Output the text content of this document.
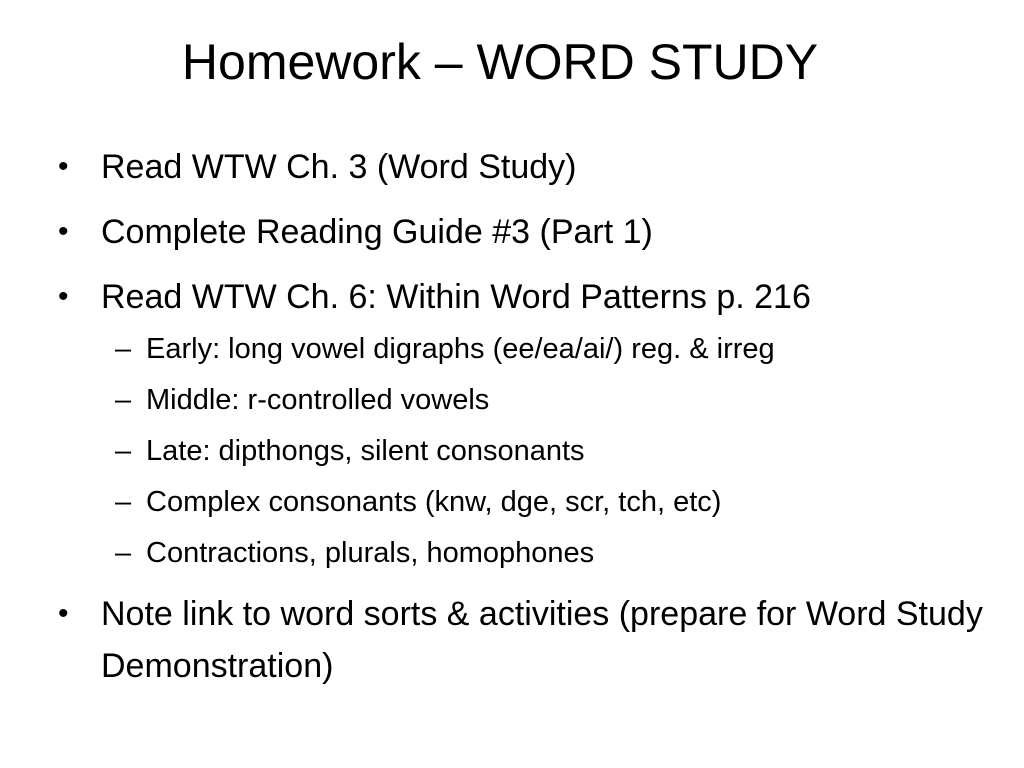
Homework – WORD STUDY
• Read WTW Ch. 3 (Word Study)
• Complete Reading Guide #3 (Part 1)
• Read WTW Ch. 6: Within Word Patterns p. 216
– Early: long vowel digraphs (ee/ea/ai/) reg. & irreg
– Middle: r-controlled vowels
– Late: dipthongs, silent consonants
– Complex consonants (knw, dge, scr, tch, etc)
– Contractions, plurals, homophones
• Note link to word sorts & activities (prepare for Word Study Demonstration)
